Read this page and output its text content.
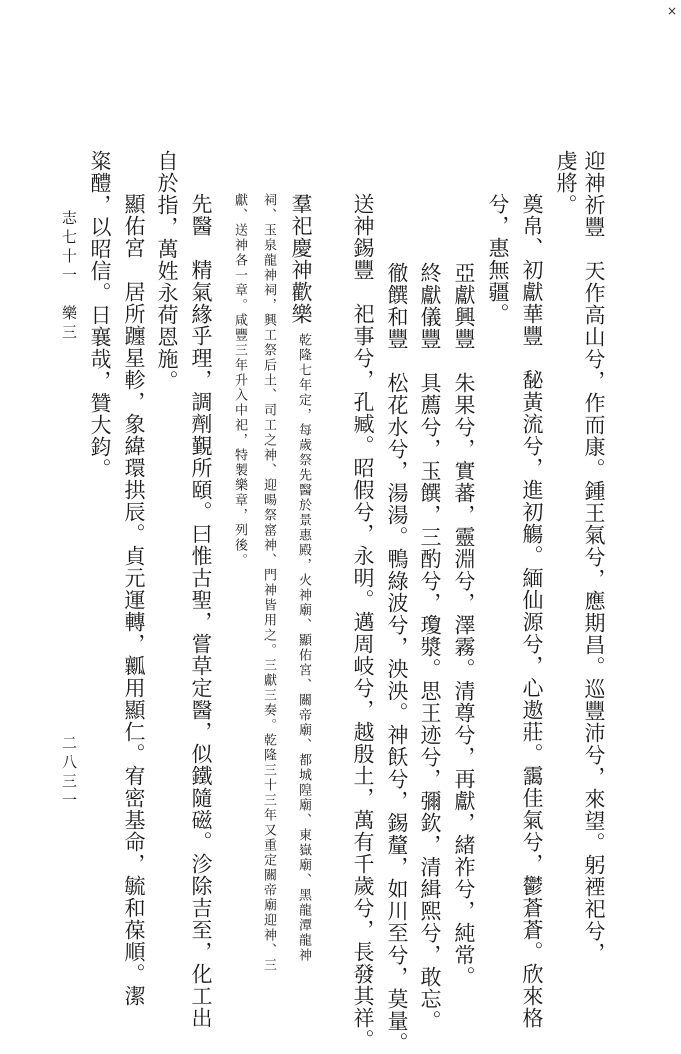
×
迎神祈豐　天作高山兮，作而康。鍾王氣兮，應期昌。巡豐沛兮，來望。躬禋祀兮，
虔將。
奠帛、初獻華豐　馝黃流兮，進初觴。緬仙源兮，心遨莊。靄佳氣兮，鬱蒼蒼。欣來格
兮，惠無疆。
亞獻興豐　朱果兮，實蕃，靈淵兮，澤霧。清尊兮，再獻，緒祚兮，純常。
終獻儀豐　具薦兮，玉饌，三酌兮，瓊漿。思王迹兮，彌欽，清緝熙兮，敢忘。
徹饌和豐　松花水兮，湯湯。鴨綠波兮，泱泱。神飫兮，錫釐，如川至兮，莫量。
送神錫豐　祀事兮，孔臧。昭假兮，永明。邁周岐兮，越殷土，萬有千歲兮，長發其祥。
羣祀慶神歡樂
乾隆七年定，每歲祭先醫於景惠殿，火神廟、顯佑宮、關帝廟、都城隍廟、東嶽廟、黑龍潭龍神
祠、玉泉龍神祠，興工祭后土、司工之神、迎暘祭窰神、門神皆用之。三獻三奏。乾隆三十三年又重定關帝廟迎神、三
獻、送神各一章。咸豐三年升入中祀，特製樂章，列後。
先醫　精氣緣乎理，調劑覲所頤。曰惟古聖，嘗草定醫，似鐵隨磁。沴除吉至，化工出
自於指，萬姓永荷恩施。
顯佑宮　居所躔星軫，象緯環拱辰。貞元運轉，瓤用顯仁。宥密基命，毓和葆順。潔
粢醴，以昭信。日襄哉，贊大鈞。
志七十一　樂三
二八三一
